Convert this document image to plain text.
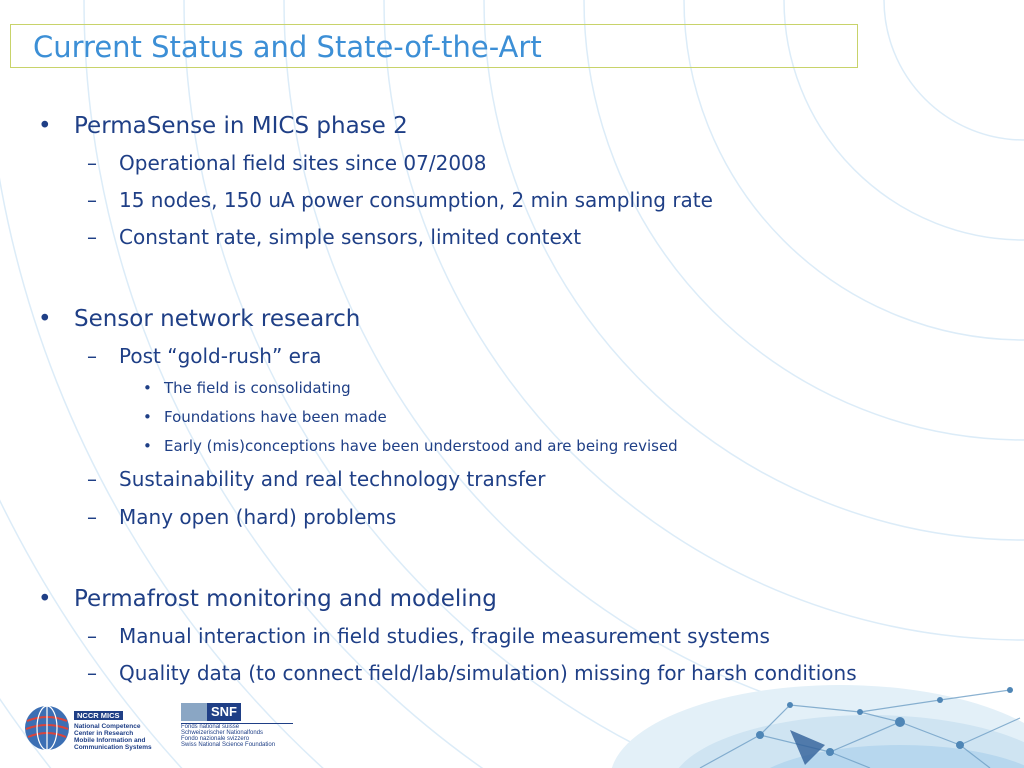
Current Status and State-of-the-Art
• PermaSense in MICS phase 2
– Operational field sites since 07/2008
– 15 nodes, 150 uA power consumption, 2 min sampling rate
– Constant rate, simple sensors, limited context
• Sensor network research
– Post “gold-rush” era
• The field is consolidating
• Foundations have been made
• Early (mis)conceptions have been understood and are being revised
– Sustainability and real technology transfer
– Many open (hard) problems
• Permafrost monitoring and modeling
– Manual interaction in field studies, fragile measurement systems
– Quality data (to connect field/lab/simulation) missing for harsh conditions
NCCR MICS
National Competence
Center in Research
Mobile Information and
Communication Systems
SNF
Fonds national suisse
Schweizerischer Nationalfonds
Fondo nazionale svizzero
Swiss National Science Foundation
